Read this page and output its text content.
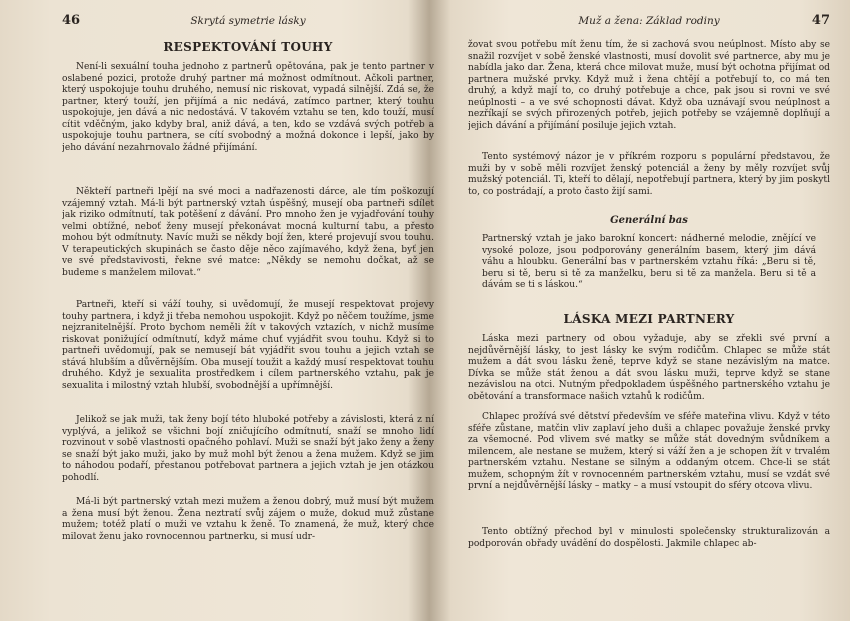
46	Skrytá symetrie lásky
RESPEKTOVÁNÍ TOUHY

Není-li sexuální touha jednoho z partnerů opětována, pak je tento partner v oslabené pozici, protože druhý partner má možnost odmítnout. Ačkoli partner, který uspokojuje touhu druhého, nemusí nic riskovat, vypadá silnější. Zdá se, že partner, který touží, jen přijímá a nic nedává, zatímco partner, který touhu uspokojuje, jen dává a nic nedostává. V takovém vztahu se ten, kdo touží, musí cítit vděčným, jako kdyby bral, aniž dává, a ten, kdo se vzdává svých potřeb a uspokojuje touhu partnera, se cítí svobodný a možná dokonce i lepší, jako by jeho dávání nezahrnovalo žádné přijímání.

Někteří partneři lpějí na své moci a nadřazenosti dárce, ale tím poškozují vzájemný vztah. Má-li být partnerský vztah úspěšný, musejí oba partneři sdílet jak riziko odmítnutí, tak potěšení z dávání. Pro mnoho žen je vyjadřování touhy velmi obtížné, neboť ženy musejí překonávat mocná kulturní tabu, a přesto mohou být odmítnuty. Navíc muži se někdy bojí žen, které projevují svou touhu. V terapeutických skupinách se často děje něco zajímavého, když žena, byť jen ve své představivosti, řekne své matce: „Někdy se nemohu dočkat, až se budeme s manželem milovat.“

Partneři, kteří si váží touhy, si uvědomují, že musejí respektovat projevy touhy partnera, i když ji třeba nemohou uspokojit. Když po něčem toužíme, jsme nejzranitelnější. Proto bychom neměli žít v takových vztazích, v nichž musíme riskovat ponižující odmítnutí, když máme chuť vyjádřit svou touhu. Když si to partneři uvědomují, pak se nemusejí bát vyjádřit svou touhu a jejich vztah se stává hlubším a důvěrnějším. Oba musejí toužit a každý musí respektovat touhu druhého. Když je sexualita prostředkem i cílem partnerského vztahu, pak je sexualita i milostný vztah hlubší, svobodnější a upřímnější.

Jelikož se jak muži, tak ženy bojí této hluboké potřeby a závislosti, která z ní vyplývá, a jelikož se všichni bojí zničujícího odmítnutí, snaží se mnoho lidí rozvinout v sobě vlastnosti opačného pohlaví. Muži se snaží být jako ženy a ženy se snaží být jako muži, jako by muž mohl být ženou a žena mužem. Když se jim to náhodou podaří, přestanou potřebovat partnera a jejich vztah je jen otázkou pohodlí.

Má-li být partnerský vztah mezi mužem a ženou dobrý, muž musí být mužem a žena musí být ženou. Žena neztratí svůj zájem o muže, dokud muž zůstane mužem; totéž platí o muži ve vztahu k ženě. To znamená, že muž, který chce milovat ženu jako rovnocennou partnerku, si musí udr-

Muž a žena: Základ rodiny	47

žovat svou potřebu mít ženu tím, že si zachová svou neúplnost. Místo aby se snažil rozvíjet v sobě ženské vlastnosti, musí dovolit své partnerce, aby mu je nabídla jako dar. Žena, která chce milovat muže, musí být ochotna přijímat od partnera mužské prvky. Když muž i žena chtějí a potřebují to, co má ten druhý, a když mají to, co druhý potřebuje a chce, pak jsou si rovni ve své neúplnosti – a ve své schopnosti dávat. Když oba uznávají svou neúplnost a nezříkají se svých přirozených potřeb, jejich potřeby se vzájemně doplňují a jejich dávání a přijímání posiluje jejich vztah.

Tento systémový názor je v příkrém rozporu s populární představou, že muži by v sobě měli rozvíjet ženský potenciál a ženy by měly rozvíjet svůj mužský potenciál. Ti, kteří to dělají, nepotřebují partnera, který by jim poskytl to, co postrádají, a proto často žijí sami.

Generální bas

Partnerský vztah je jako barokní koncert: nádherné melodie, znějící ve vysoké poloze, jsou podporovány generálním basem, který jim dává váhu a hloubku. Generální bas v partnerském vztahu říká: „Beru si tě, beru si tě, beru si tě za manželku, beru si tě za manžela. Beru si tě a dávám se ti s láskou.“

LÁSKA MEZI PARTNERY

Láska mezi partnery od obou vyžaduje, aby se zřekli své první a nejdůvěrnější lásky, to jest lásky ke svým rodičům. Chlapec se může stát mužem a dát svou lásku ženě, teprve když se stane nezávislým na matce. Dívka se může stát ženou a dát svou lásku muži, teprve když se stane nezávislou na otci. Nutným předpokladem úspěšného partnerského vztahu je obětování a transformace našich vztahů k rodičům.

Chlapec prožívá své dětství především ve sféře mateřina vlivu. Když v této sféře zůstane, matčin vliv zaplaví jeho duši a chlapec považuje ženské prvky za všemocné. Pod vlivem své matky se může stát dovedným svůdníkem a milencem, ale nestane se mužem, který si váží žen a je schopen žít v trvalém partnerském vztahu. Nestane se silným a oddaným otcem. Chce-li se stát mužem, schopným žít v rovnocenném partnerském vztahu, musí se vzdát své první a nejdůvěrnější lásky – matky – a musí vstoupit do sféry otcova vlivu.

Tento obtížný přechod byl v minulosti společensky strukturalizován a podporován obřady uvádění do dospělosti. Jakmile chlapec ab-
